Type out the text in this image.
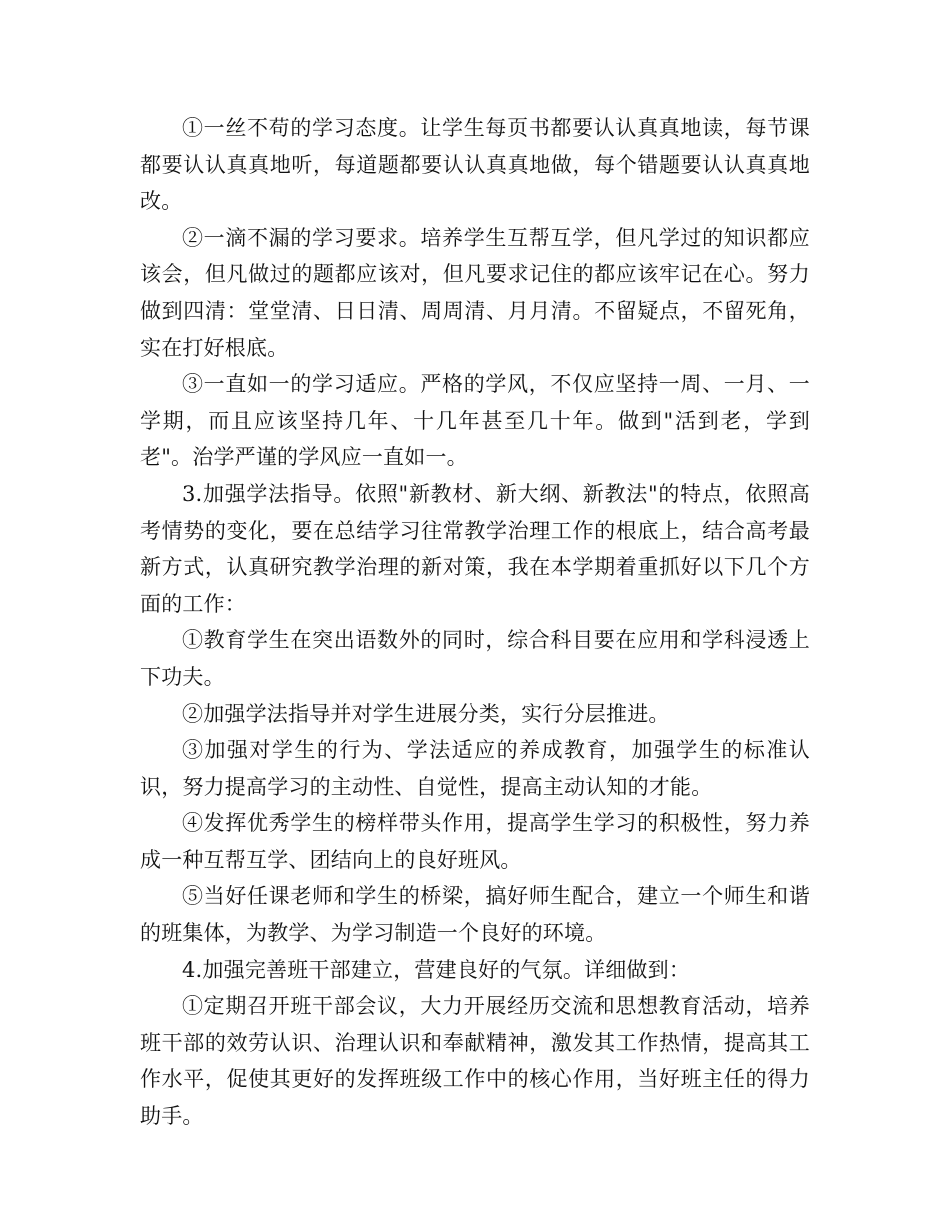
①一丝不苟的学习态度。让学生每页书都要认认真真地读，每节课都要认认真真地听，每道题都要认认真真地做，每个错题要认认真真地改。

②一滴不漏的学习要求。培养学生互帮互学，但凡学过的知识都应该会，但凡做过的题都应该对，但凡要求记住的都应该牢记在心。努力做到四清：堂堂清、日日清、周周清、月月清。不留疑点，不留死角，实在打好根底。

③一直如一的学习适应。严格的学风，不仅应坚持一周、一月、一学期，而且应该坚持几年、十几年甚至几十年。做到"活到老，学到老"。治学严谨的学风应一直如一。

3.加强学法指导。依照"新教材、新大纲、新教法"的特点，依照高考情势的变化，要在总结学习往常教学治理工作的根底上，结合高考最新方式，认真研究教学治理的新对策，我在本学期着重抓好以下几个方面的工作：

①教育学生在突出语数外的同时，综合科目要在应用和学科浸透上下功夫。

②加强学法指导并对学生进展分类，实行分层推进。

③加强对学生的行为、学法适应的养成教育，加强学生的标准认识，努力提高学习的主动性、自觉性，提高主动认知的才能。

④发挥优秀学生的榜样带头作用，提高学生学习的积极性，努力养成一种互帮互学、团结向上的良好班风。

⑤当好任课老师和学生的桥梁，搞好师生配合，建立一个师生和谐的班集体，为教学、为学习制造一个良好的环境。

4.加强完善班干部建立，营建良好的气氛。详细做到：

①定期召开班干部会议，大力开展经历交流和思想教育活动，培养班干部的效劳认识、治理认识和奉献精神，激发其工作热情，提高其工作水平，促使其更好的发挥班级工作中的核心作用，当好班主任的得力助手。
